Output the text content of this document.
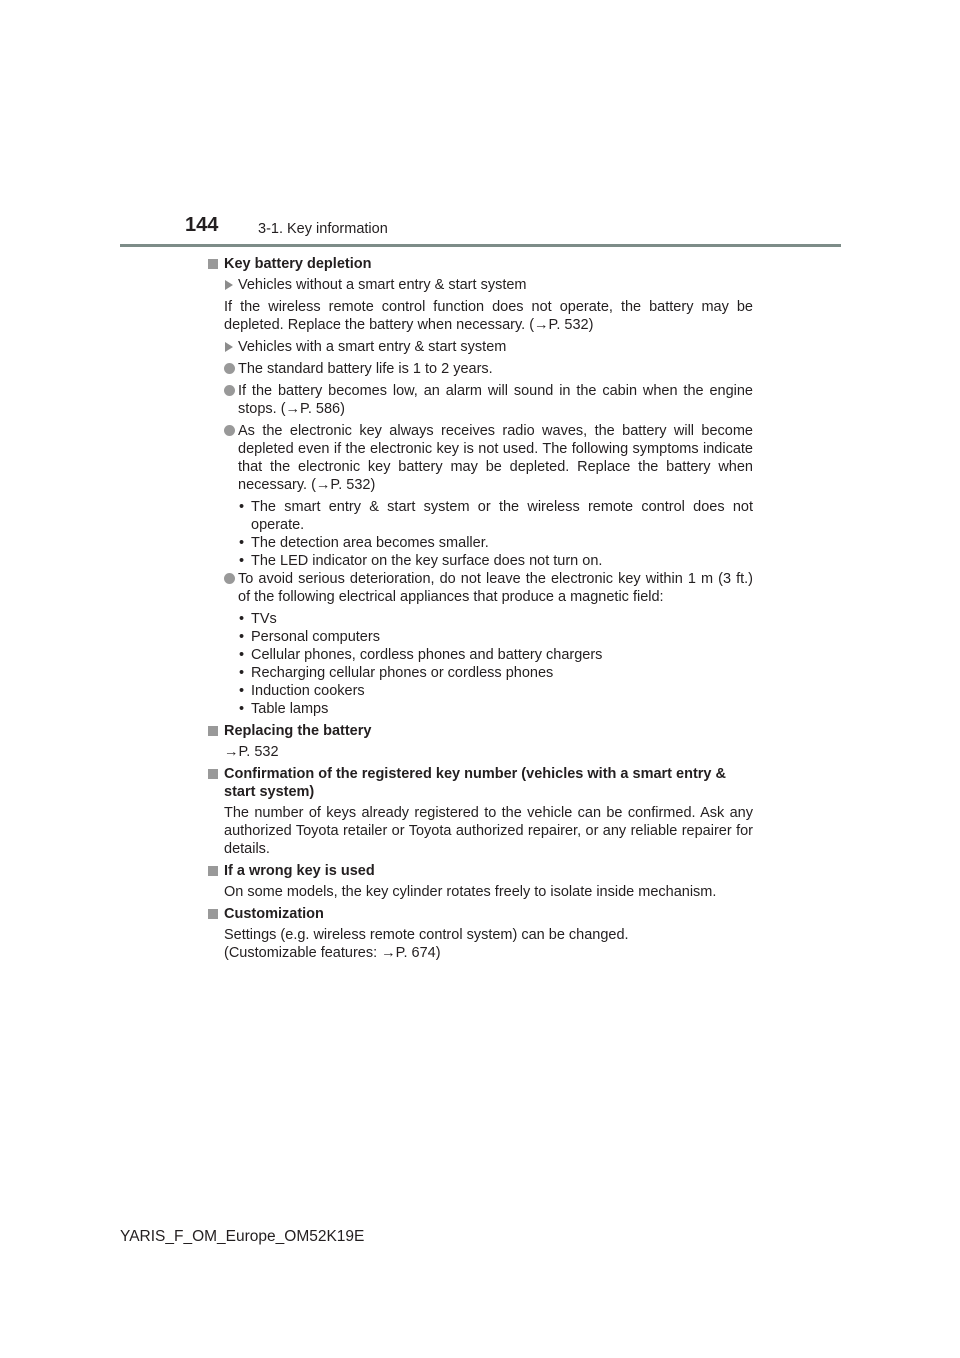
144	3-1. Key information
Key battery depletion
Vehicles without a smart entry & start system
If the wireless remote control function does not operate, the battery may be depleted. Replace the battery when necessary. (→P. 532)
Vehicles with a smart entry & start system
The standard battery life is 1 to 2 years.
If the battery becomes low, an alarm will sound in the cabin when the engine stops. (→P. 586)
As the electronic key always receives radio waves, the battery will become depleted even if the electronic key is not used. The following symptoms indicate that the electronic key battery may be depleted. Replace the battery when necessary. (→P. 532)
• The smart entry & start system or the wireless remote control does not operate.
• The detection area becomes smaller.
• The LED indicator on the key surface does not turn on.
To avoid serious deterioration, do not leave the electronic key within 1 m (3 ft.) of the following electrical appliances that produce a magnetic field:
• TVs
• Personal computers
• Cellular phones, cordless phones and battery chargers
• Recharging cellular phones or cordless phones
• Induction cookers
• Table lamps
Replacing the battery
→P. 532
Confirmation of the registered key number (vehicles with a smart entry & start system)
The number of keys already registered to the vehicle can be confirmed. Ask any authorized Toyota retailer or Toyota authorized repairer, or any reliable repairer for details.
If a wrong key is used
On some models, the key cylinder rotates freely to isolate inside mechanism.
Customization
Settings (e.g. wireless remote control system) can be changed.
(Customizable features: →P. 674)
YARIS_F_OM_Europe_OM52K19E
